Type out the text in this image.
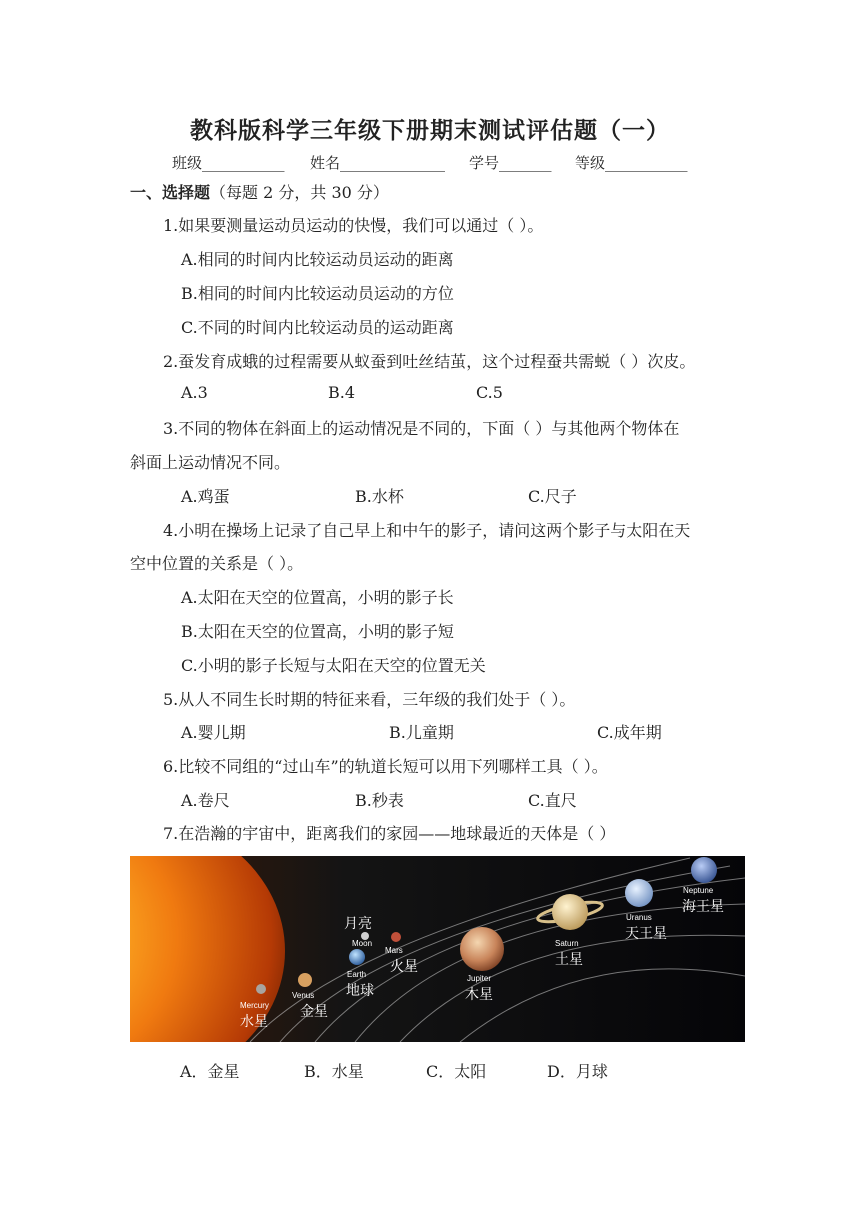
教科版科学三年级下册期末测试评估题（一）
班级___________ 姓名______________ 学号_______ 等级___________
一、选择题（每题 2 分，共 30 分）
1.如果要测量运动员运动的快慢，我们可以通过（ ）。
A.相同的时间内比较运动员运动的距离
B.相同的时间内比较运动员运动的方位
C.不同的时间内比较运动员的运动距离
2.蚕发育成蛾的过程需要从蚁蚕到吐丝结茧，这个过程蚕共需蜕（ ）次皮。
A.3	B.4	C.5
3.不同的物体在斜面上的运动情况是不同的，下面（ ）与其他两个物体在
斜面上运动情况不同。
A.鸡蛋	B.水杯	C.尺子
4.小明在操场上记录了自己早上和中午的影子，请问这两个影子与太阳在天
空中位置的关系是（ ）。
A.太阳在天空的位置高，小明的影子长
B.太阳在天空的位置高，小明的影子短
C.小明的影子长短与太阳在天空的位置无关
5.从人不同生长时期的特征来看，三年级的我们处于（ ）。
A.婴儿期	B.儿童期	C.成年期
6.比较不同组的“过山车”的轨道长短可以用下列哪样工具（ ）。
A.卷尺	B.秒表	C.直尺
7.在浩瀚的宇宙中，距离我们的家园——地球最近的天体是（ ）
Mercury
水星
Venus
金星
Earth
地球
月亮
Moon
Mars
火星
Jupiter
木星
Saturn
土星
Uranus
天王星
Neptune
海王星
A．金星	B．水星	C．太阳	D．月球
